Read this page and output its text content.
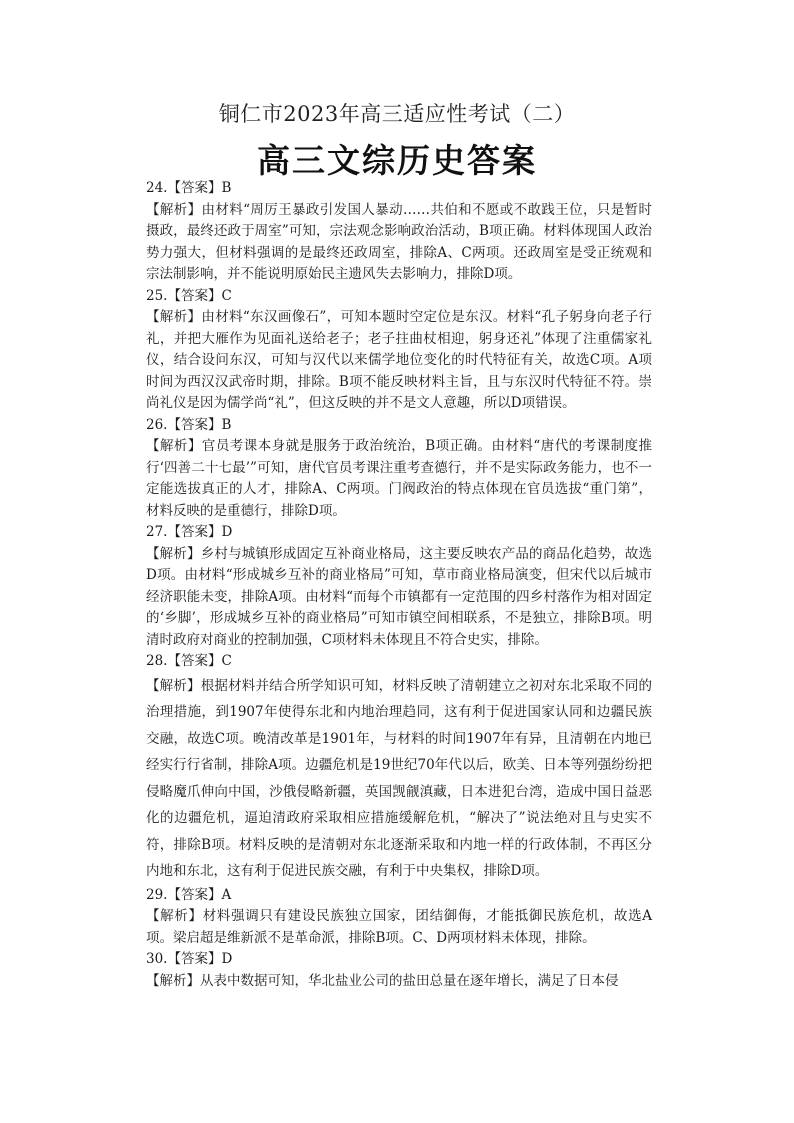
铜仁市2023年高三适应性考试（二）
高三文综历史答案

24.【答案】B

【解析】由材料“周厉王暴政引发国人暴动……共伯和不愿或不敢践王位，只是暂时摄政，最终还政于周室”可知，宗法观念影响政治活动，B项正确。材料体现国人政治势力强大，但材料强调的是最终还政周室，排除A、C两项。还政周室是受正统观和宗法制影响，并不能说明原始民主遗风失去影响力，排除D项。

25.【答案】C

【解析】由材料“东汉画像石”，可知本题时空定位是东汉。材料“孔子躬身向老子行礼，并把大雁作为见面礼送给老子；老子拄曲杖相迎，躬身还礼”体现了注重儒家礼仪，结合设问东汉，可知与汉代以来儒学地位变化的时代特征有关，故选C项。A项时间为西汉汉武帝时期，排除。B项不能反映材料主旨，且与东汉时代特征不符。崇尚礼仪是因为儒学尚“礼”，但这反映的并不是文人意趣，所以D项错误。

26.【答案】B

【解析】官员考课本身就是服务于政治统治，B项正确。由材料“唐代的考课制度推行‘四善二十七最’”可知，唐代官员考课注重考查德行，并不是实际政务能力，也不一定能选拔真正的人才，排除A、C两项。门阀政治的特点体现在官员选拔“重门第”，材料反映的是重德行，排除D项。

27.【答案】D

【解析】乡村与城镇形成固定互补商业格局，这主要反映农产品的商品化趋势，故选D项。由材料“形成城乡互补的商业格局”可知，草市商业格局演变，但宋代以后城市经济职能未变，排除A项。由材料“而每个市镇都有一定范围的四乡村落作为相对固定的‘乡脚’，形成城乡互补的商业格局”可知市镇空间相联系，不是独立，排除B项。明清时政府对商业的控制加强，C项材料未体现且不符合史实，排除。

28.【答案】C

【解析】根据材料并结合所学知识可知，材料反映了清朝建立之初对东北采取不同的治理措施，到1907年使得东北和内地治理趋同，这有利于促进国家认同和边疆民族交融，故选C项。晚清改革是1901年，与材料的时间1907年有异，且清朝在内地已经实行行省制，排除A项。边疆危机是19世纪70年代以后，欧美、日本等列强纷纷把侵略魔爪伸向中国，沙俄侵略新疆，英国觊觎滇藏，日本进犯台湾，造成中国日益恶化的边疆危机，逼迫清政府采取相应措施缓解危机，“解决了”说法绝对且与史实不符，排除B项。材料反映的是清朝对东北逐渐采取和内地一样的行政体制，不再区分内地和东北，这有利于促进民族交融，有利于中央集权，排除D项。

29.【答案】A

【解析】材料强调只有建设民族独立国家，团结御侮，才能抵御民族危机，故选A项。梁启超是维新派不是革命派，排除B项。C、D两项材料未体现，排除。

30.【答案】D

【解析】从表中数据可知，华北盐业公司的盐田总量在逐年增长，满足了日本侵
